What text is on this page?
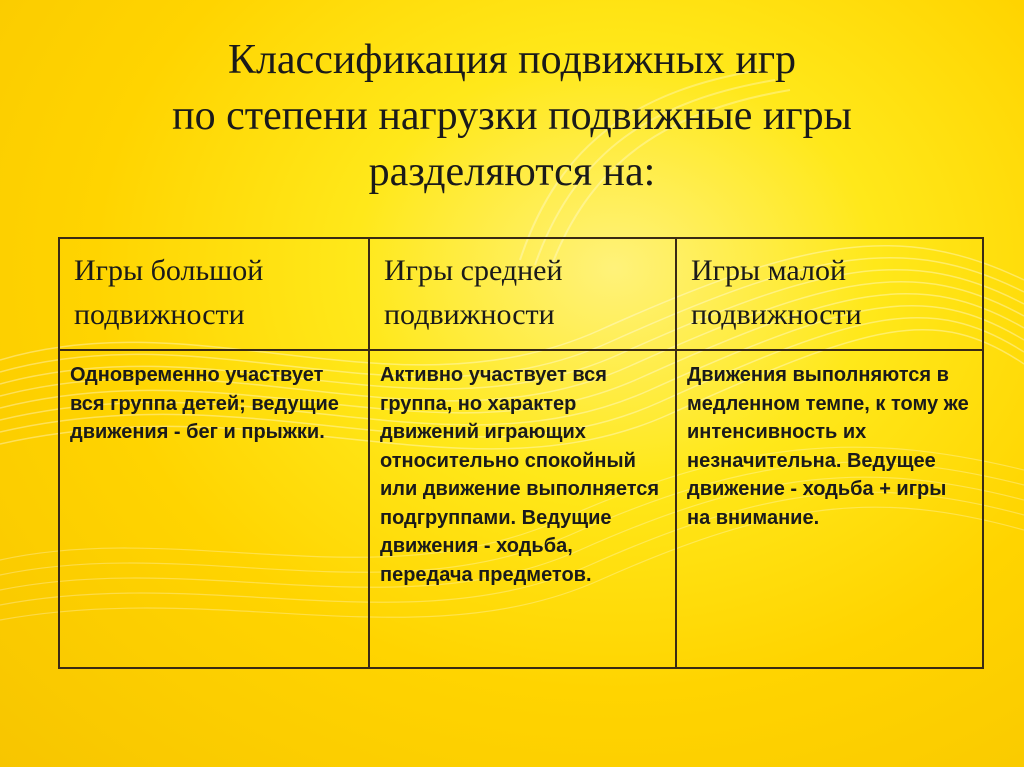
Классификация подвижных игр
по степени нагрузки подвижные игры
разделяются на:
Игры большой подвижности	Игры средней подвижности	Игры малой подвижности
Одновременно участвует вся группа детей; ведущие движения - бег и прыжки.	Активно участвует вся группа, но характер движений играющих относительно спокойный или движение выполняется подгруппами. Ведущие движения - ходьба, передача предметов.	Движения выполняются в медленном темпе, к тому же интенсивность их незначительна. Ведущее движение - ходьба + игры на внимание.
